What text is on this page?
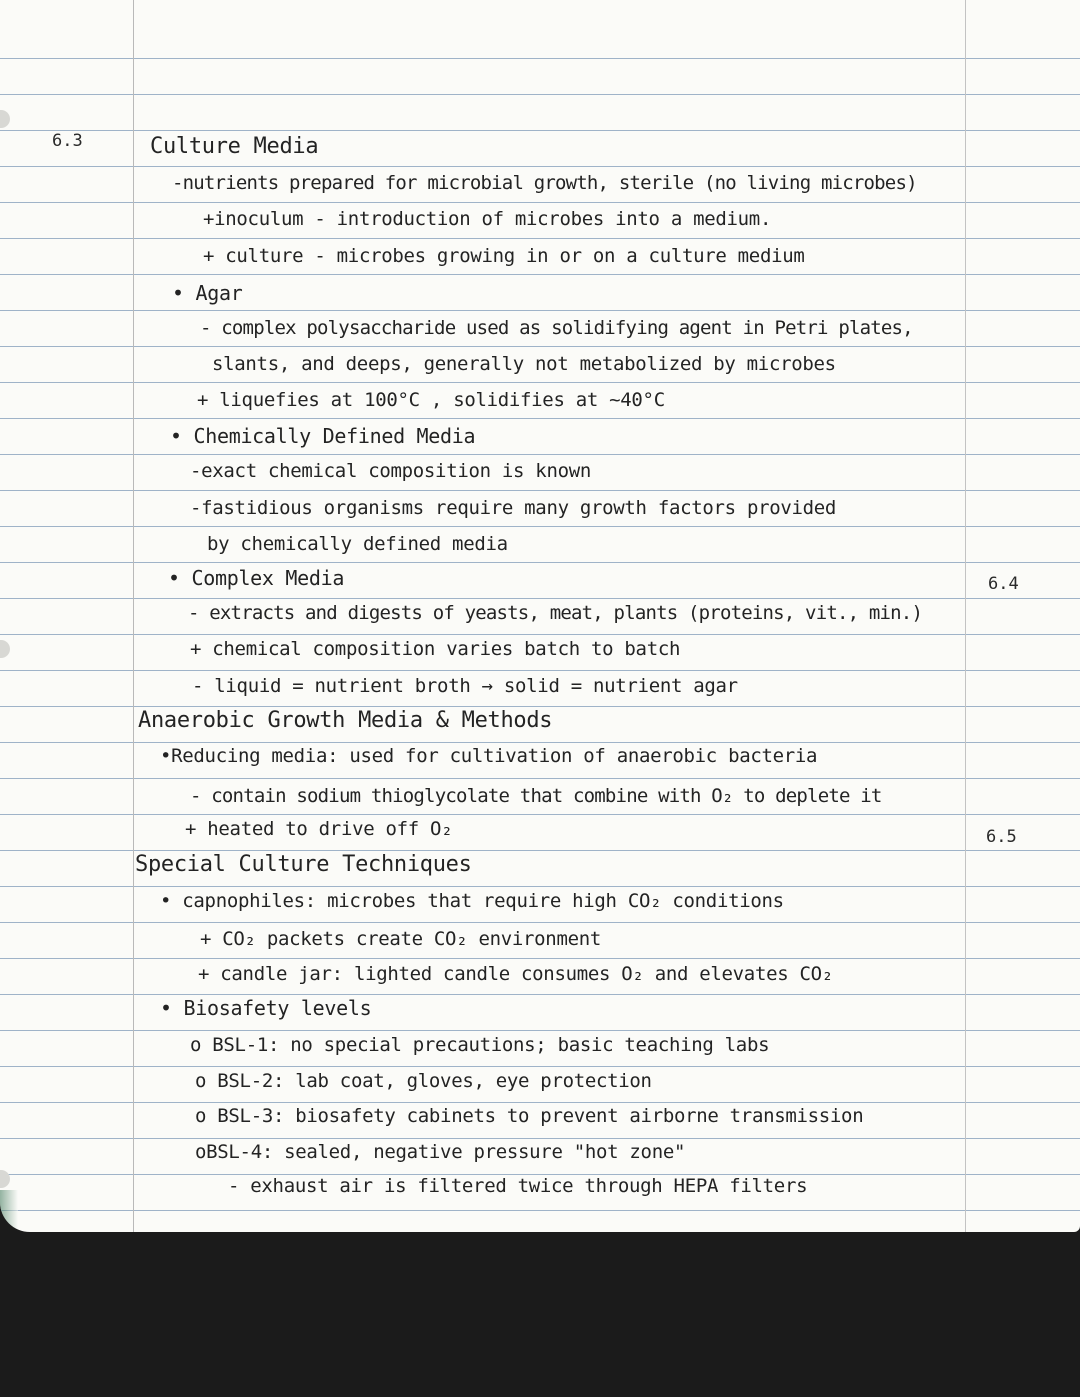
6.3
6.4
6.5
Culture Media
-nutrients prepared for microbial growth, sterile (no living microbes)
+inoculum - introduction of microbes into a medium.
+ culture - microbes growing in or on a culture medium
• Agar
- complex polysaccharide used as solidifying agent in Petri plates,
slants, and deeps, generally not metabolized by microbes
+ liquefies at 100°C , solidifies at ~40°C
• Chemically Defined Media
-exact chemical composition is known
-fastidious organisms require many growth factors provided
by chemically defined media
• Complex Media
- extracts and digests of yeasts, meat, plants (proteins, vit., min.)
+ chemical composition varies batch to batch
- liquid = nutrient broth → solid = nutrient agar
Anaerobic Growth Media & Methods
•Reducing media: used for cultivation of anaerobic bacteria
- contain sodium thioglycolate that combine with O₂ to deplete it
+ heated to drive off O₂
Special Culture Techniques
• capnophiles: microbes that require high CO₂ conditions
+ CO₂ packets create CO₂ environment
+ candle jar: lighted candle consumes O₂ and elevates CO₂
• Biosafety levels
o BSL-1: no special precautions; basic teaching labs
o BSL-2: lab coat, gloves, eye protection
o BSL-3: biosafety cabinets to prevent airborne transmission
oBSL-4: sealed, negative pressure "hot zone"
- exhaust air is filtered twice through HEPA filters
